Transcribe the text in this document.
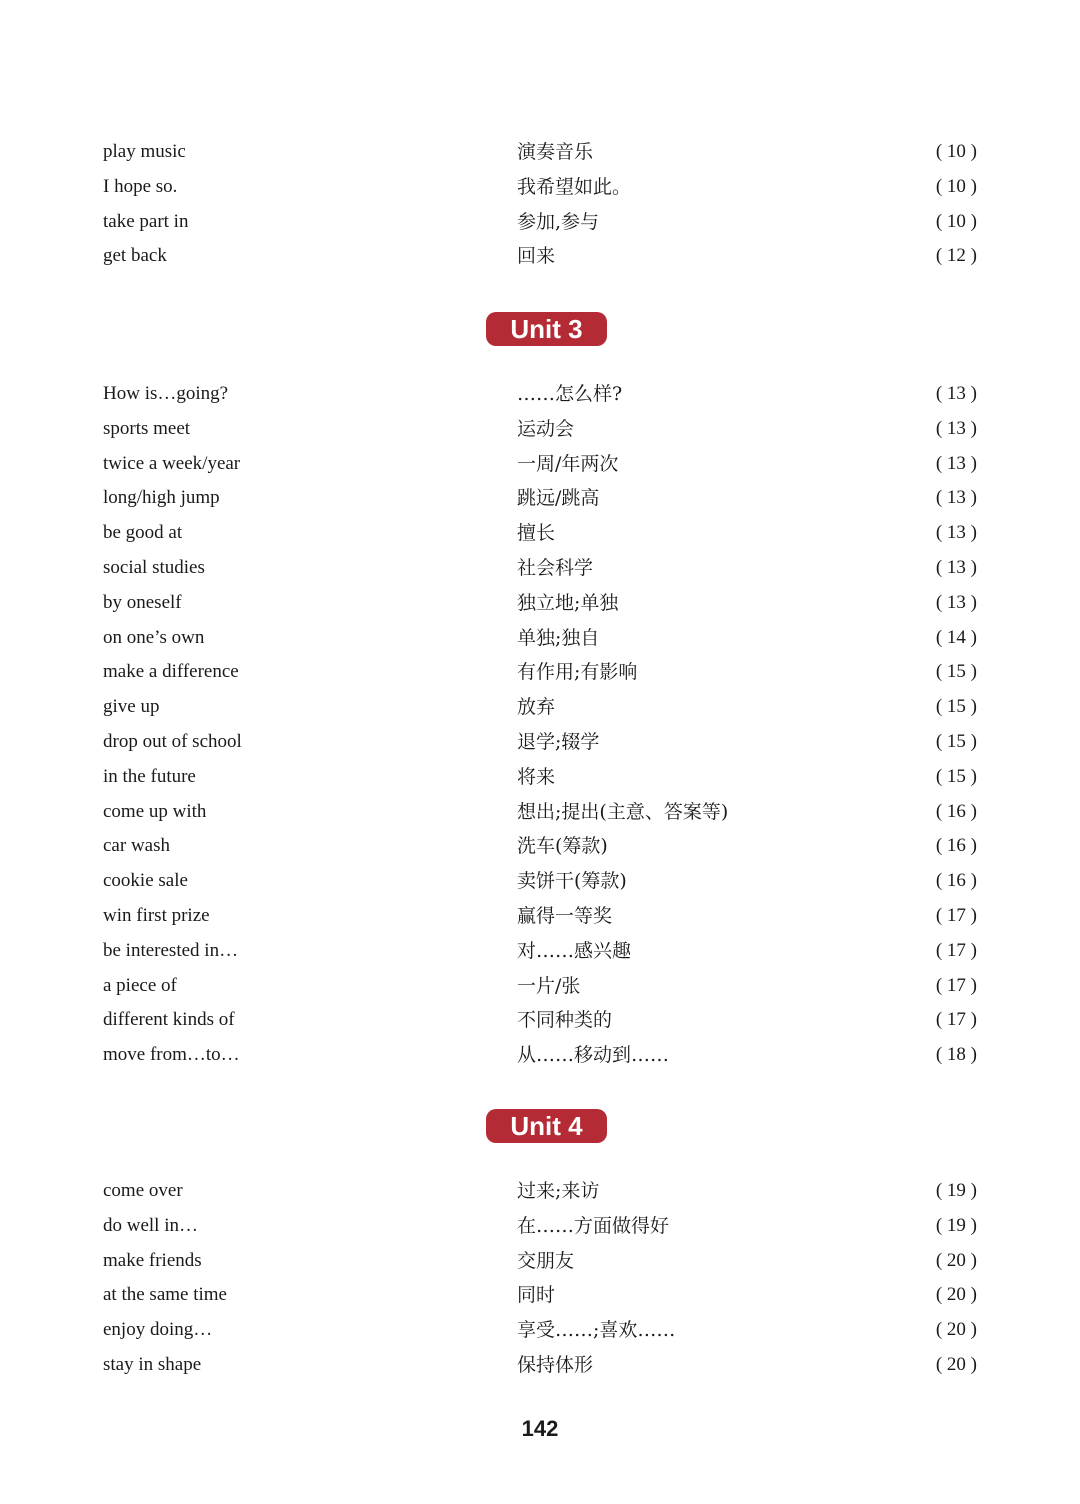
play music	演奏音乐	( 10 )
I hope so.	我希望如此。	( 10 )
take part in	参加,参与	( 10 )
get back	回来	( 12 )
Unit 3
How is…going?	……怎么样?	( 13 )
sports meet	运动会	( 13 )
twice a week/year	一周/年两次	( 13 )
long/high jump	跳远/跳高	( 13 )
be good at	擅长	( 13 )
social studies	社会科学	( 13 )
by oneself	独立地;单独	( 13 )
on one’s own	单独;独自	( 14 )
make a difference	有作用;有影响	( 15 )
give up	放弃	( 15 )
drop out of school	退学;辍学	( 15 )
in the future	将来	( 15 )
come up with	想出;提出(主意、答案等)	( 16 )
car wash	洗车(筹款)	( 16 )
cookie sale	卖饼干(筹款)	( 16 )
win first prize	赢得一等奖	( 17 )
be interested in…	对……感兴趣	( 17 )
a piece of	一片/张	( 17 )
different kinds of	不同种类的	( 17 )
move from…to…	从……移动到……	( 18 )
Unit 4
come over	过来;来访	( 19 )
do well in…	在……方面做得好	( 19 )
make friends	交朋友	( 20 )
at the same time	同时	( 20 )
enjoy doing…	享受……;喜欢……	( 20 )
stay in shape	保持体形	( 20 )
142
